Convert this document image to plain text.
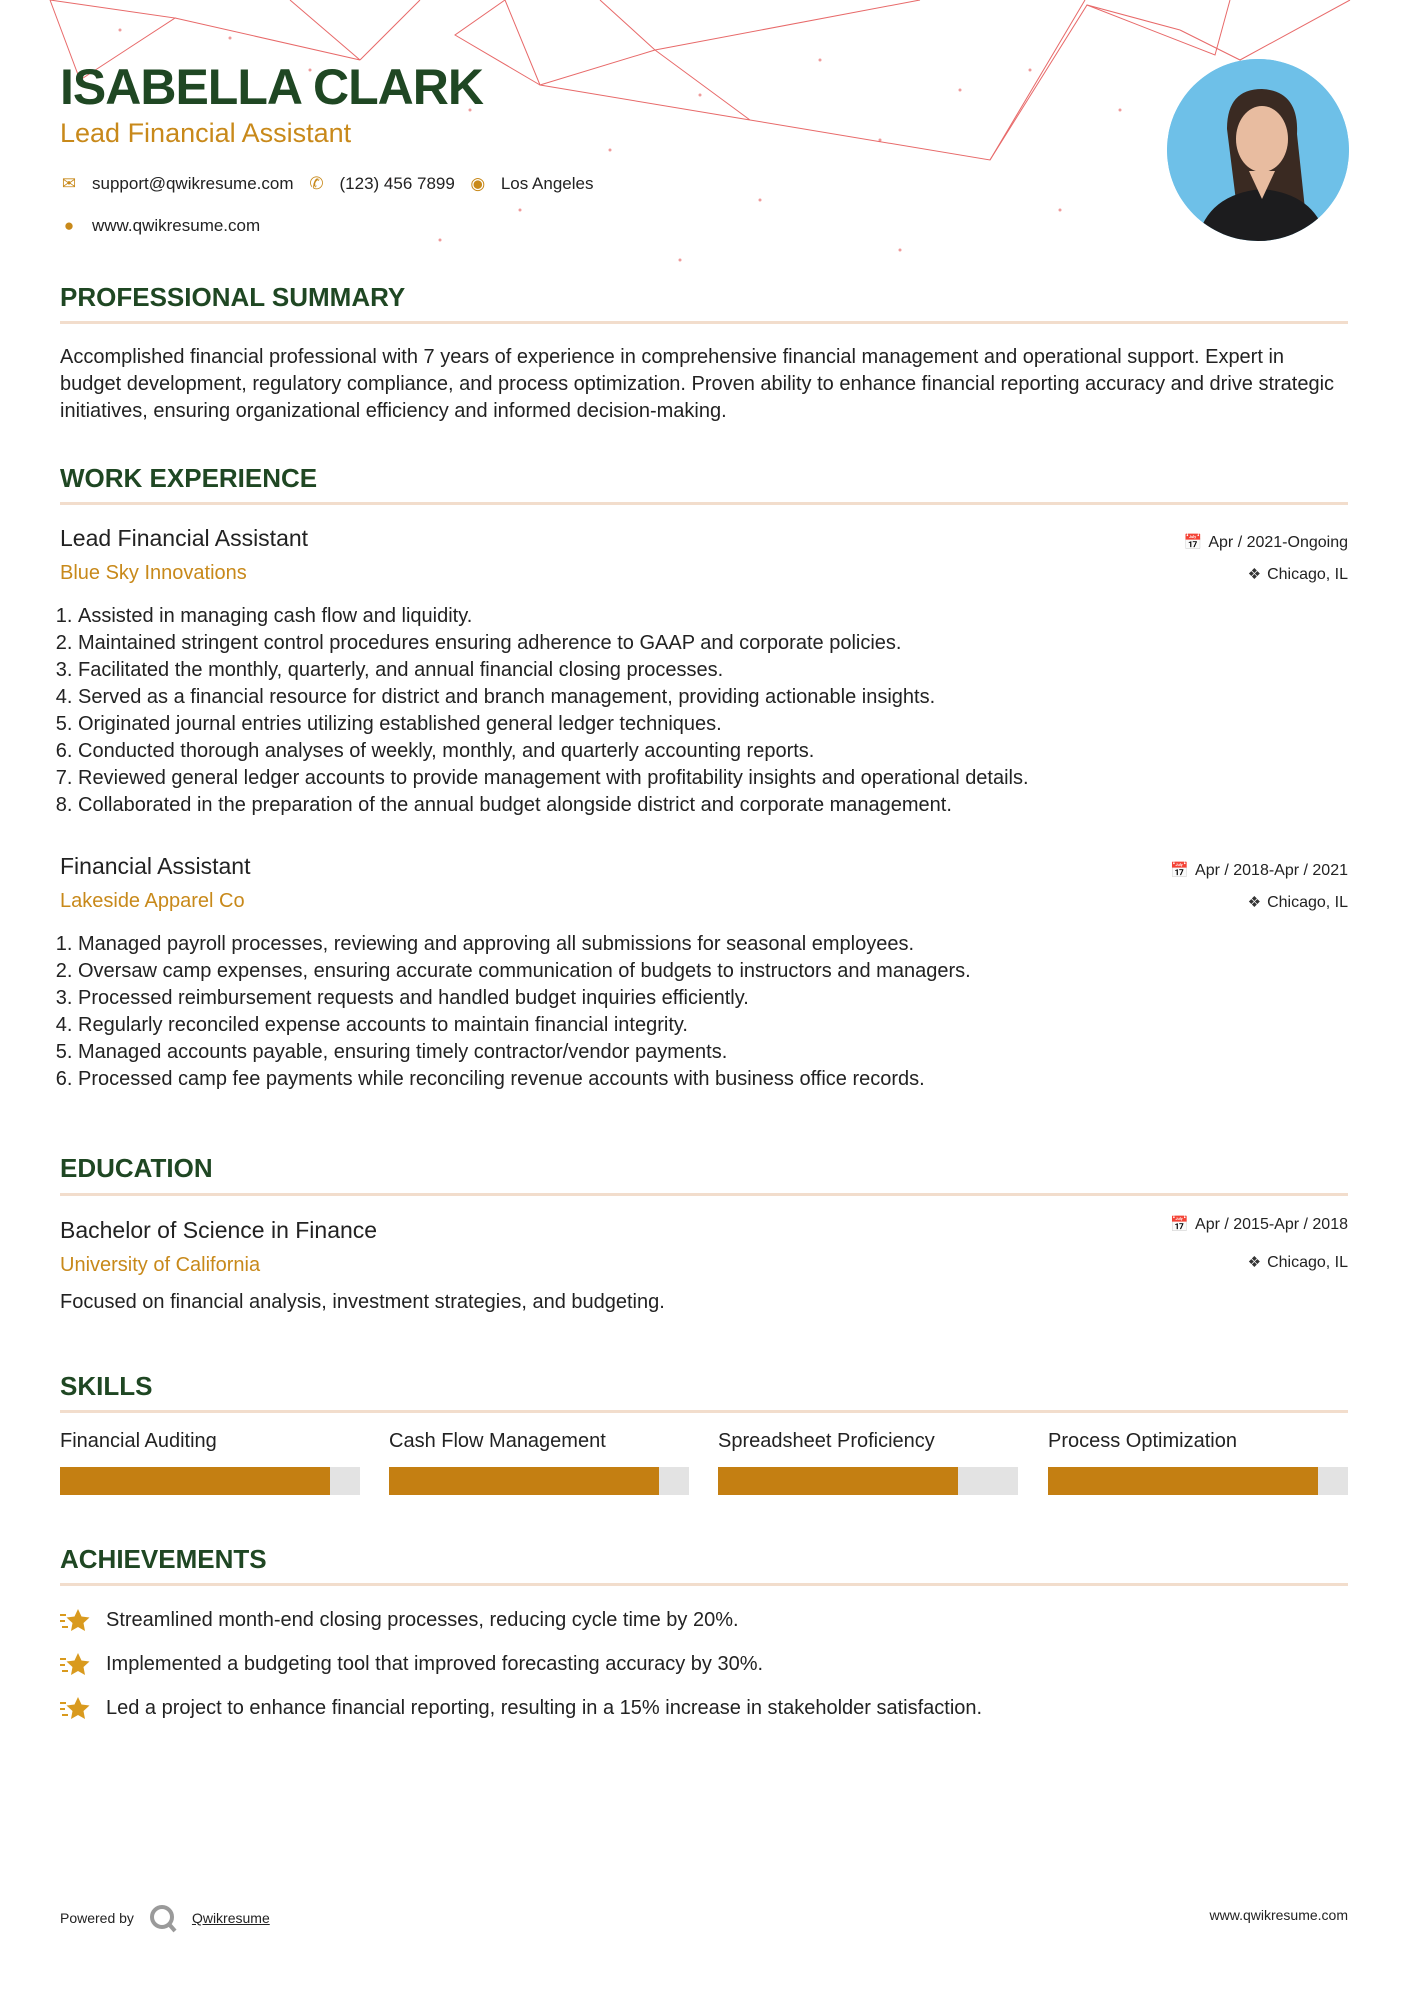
ISABELLA CLARK
Lead Financial Assistant
✉ support@qwikresume.com ✆ (123) 456 7899 ◉ Los Angeles
● www.qwikresume.com
PROFESSIONAL SUMMARY
Accomplished financial professional with 7 years of experience in comprehensive financial management and operational support. Expert in budget development, regulatory compliance, and process optimization. Proven ability to enhance financial reporting accuracy and drive strategic initiatives, ensuring organizational efficiency and informed decision-making.
WORK EXPERIENCE
Lead Financial Assistant
Blue Sky Innovations
📅 Apr / 2021-Ongoing
❖ Chicago, IL
1. Assisted in managing cash flow and liquidity.
2. Maintained stringent control procedures ensuring adherence to GAAP and corporate policies.
3. Facilitated the monthly, quarterly, and annual financial closing processes.
4. Served as a financial resource for district and branch management, providing actionable insights.
5. Originated journal entries utilizing established general ledger techniques.
6. Conducted thorough analyses of weekly, monthly, and quarterly accounting reports.
7. Reviewed general ledger accounts to provide management with profitability insights and operational details.
8. Collaborated in the preparation of the annual budget alongside district and corporate management.
Financial Assistant
Lakeside Apparel Co
📅 Apr / 2018-Apr / 2021
❖ Chicago, IL
1. Managed payroll processes, reviewing and approving all submissions for seasonal employees.
2. Oversaw camp expenses, ensuring accurate communication of budgets to instructors and managers.
3. Processed reimbursement requests and handled budget inquiries efficiently.
4. Regularly reconciled expense accounts to maintain financial integrity.
5. Managed accounts payable, ensuring timely contractor/vendor payments.
6. Processed camp fee payments while reconciling revenue accounts with business office records.
EDUCATION
Bachelor of Science in Finance
University of California
📅 Apr / 2015-Apr / 2018
❖ Chicago, IL
Focused on financial analysis, investment strategies, and budgeting.
SKILLS
Financial Auditing	Cash Flow Management	Spreadsheet Proficiency	Process Optimization
ACHIEVEMENTS
Streamlined month-end closing processes, reducing cycle time by 20%.
Implemented a budgeting tool that improved forecasting accuracy by 30%.
Led a project to enhance financial reporting, resulting in a 15% increase in stakeholder satisfaction.
Powered by	Qwikresume	www.qwikresume.com
